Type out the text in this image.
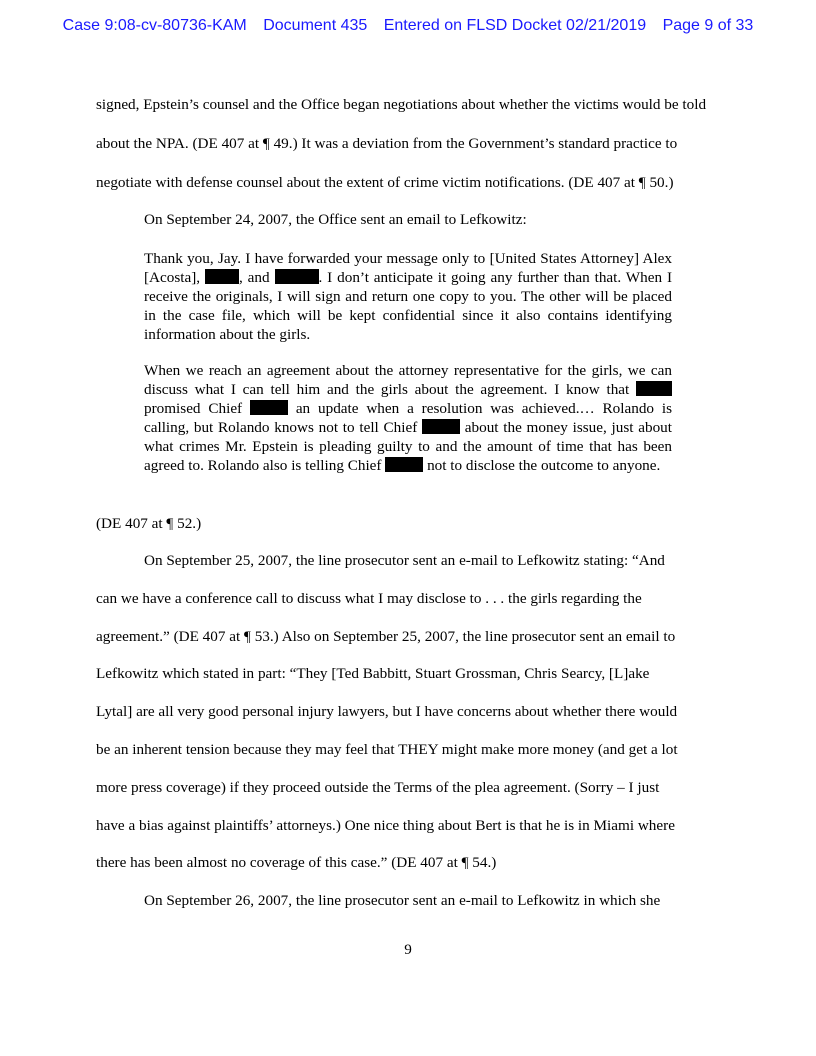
Case 9:08-cv-80736-KAM Document 435 Entered on FLSD Docket 02/21/2019 Page 9 of 33
signed, Epstein’s counsel and the Office began negotiations about whether the victims would be told
about the NPA. (DE 407 at ¶ 49.) It was a deviation from the Government’s standard practice to
negotiate with defense counsel about the extent of crime victim notifications. (DE 407 at ¶ 50.)
On September 24, 2007, the Office sent an email to Lefkowitz:

Thank you, Jay. I have forwarded your message only to [United States Attorney] Alex [Acosta], , and	. I don’t anticipate it going any further than that. When I receive the originals, I will sign and return one copy to you. The other will be placed in the case file, which will be kept confidential since it also contains identifying information about the girls.

When we reach an agreement about the attorney representative for the girls, we can discuss what I can tell him and the girls about the agreement. I know that  promised Chief	an update when a resolution was achieved.… Rolando is calling, but Rolando knows not to tell Chief	about the money issue, just about what crimes Mr. Epstein is pleading guilty to and the amount of time that has been agreed to. Rolando also is telling Chief	not to disclose the outcome to anyone.

(DE 407 at ¶ 52.)
On September 25, 2007, the line prosecutor sent an e-mail to Lefkowitz stating: “And
can we have a conference call to discuss what I may disclose to . . . the girls regarding the
agreement.” (DE 407 at ¶ 53.) Also on September 25, 2007, the line prosecutor sent an email to
Lefkowitz which stated in part: “They [Ted Babbitt, Stuart Grossman, Chris Searcy, [L]ake
Lytal] are all very good personal injury lawyers, but I have concerns about whether there would
be an inherent tension because they may feel that THEY might make more money (and get a lot
more press coverage) if they proceed outside the Terms of the plea agreement. (Sorry – I just
have a bias against plaintiffs’ attorneys.) One nice thing about Bert is that he is in Miami where
there has been almost no coverage of this case.” (DE 407 at ¶ 54.)
On September 26, 2007, the line prosecutor sent an e-mail to Lefkowitz in which she
9
